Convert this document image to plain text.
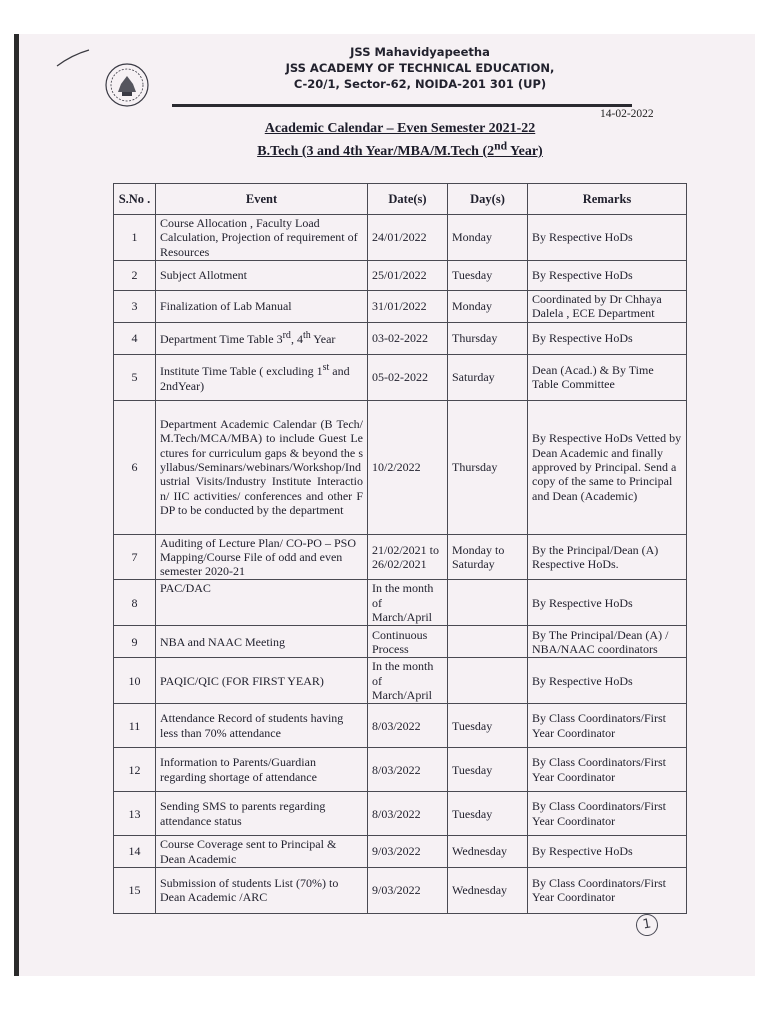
JSS Mahavidyapeetha
JSS ACADEMY OF TECHNICAL EDUCATION,
C-20/1, Sector-62, NOIDA-201 301 (UP)
14-02-2022
Academic Calendar – Even Semester 2021-22
B.Tech (3 and 4th Year/MBA/M.Tech (2nd Year)
S.No .	Event	Date(s)	Day(s)	Remarks
1	Course Allocation , Faculty Load Calculation, Projection of requirement of Resources	24/01/2022	Monday	By Respective HoDs
2	Subject Allotment	25/01/2022	Tuesday	By Respective HoDs
3	Finalization of Lab Manual	31/01/2022	Monday	Coordinated by Dr Chhaya Dalela , ECE Department
4	Department Time Table 3rd, 4th Year	03-02-2022	Thursday	By Respective HoDs
5	Institute Time Table ( excluding 1st and 2ndYear)	05-02-2022	Saturday	Dean (Acad.) & By Time Table Committee
6	Department Academic Calendar (B Tech/ M.Tech/MCA/MBA) to include Guest Lectures for curriculum gaps & beyond the syllabus/Seminars/webinars/Workshop/Industrial Visits/Industry Institute Interaction/ IIC activities/ conferences and other FDP to be conducted by the department	10/2/2022	Thursday	By Respective HoDs Vetted by Dean Academic and finally approved by Principal. Send a copy of the same to Principal and Dean (Academic)
7	Auditing of Lecture Plan/ CO-PO – PSO Mapping/Course File of odd and even semester 2020-21	21/02/2021 to 26/02/2021	Monday to Saturday	By the Principal/Dean (A) Respective HoDs.
8	PAC/DAC	In the month of March/April		By Respective HoDs
9	NBA and NAAC Meeting	Continuous Process		By The Principal/Dean (A) / NBA/NAAC coordinators
10	PAQIC/QIC (FOR FIRST YEAR)	In the month of March/April		By Respective HoDs
11	Attendance Record of students having less than 70% attendance	8/03/2022	Tuesday	By Class Coordinators/First Year Coordinator
12	Information to Parents/Guardian regarding shortage of attendance	8/03/2022	Tuesday	By Class Coordinators/First Year Coordinator
13	Sending SMS to parents regarding attendance status	8/03/2022	Tuesday	By Class Coordinators/First Year Coordinator
14	Course Coverage sent to Principal & Dean Academic	9/03/2022	Wednesday	By Respective HoDs
15	Submission of students List (70%) to Dean Academic /ARC	9/03/2022	Wednesday	By Class Coordinators/First Year Coordinator
1
